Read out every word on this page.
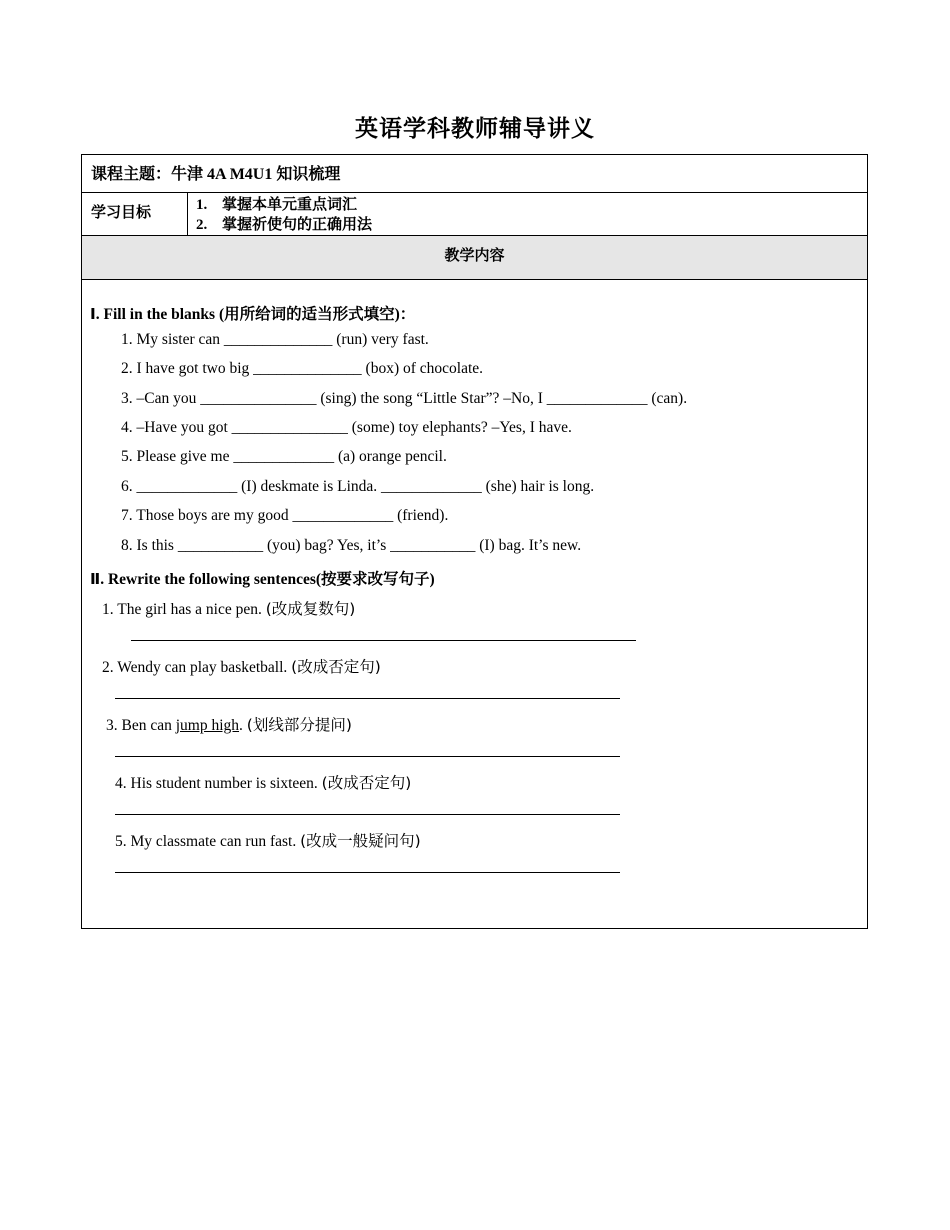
英语学科教师辅导讲义
课程主题：牛津 4A M4U1 知识梳理
学习目标	1. 掌握本单元重点词汇
2. 掌握祈使句的正确用法
教学内容
Ⅰ. Fill in the blanks (用所给词的适当形式填空)：
1. My sister can ______________ (run) very fast.
2. I have got two big ______________ (box) of chocolate.
3. –Can you _______________ (sing) the song “Little Star”? –No, I _____________ (can).
4. –Have you got _______________ (some) toy elephants? –Yes, I have.
5. Please give me _____________ (a) orange pencil.
6. _____________ (I) deskmate is Linda. _____________ (she) hair is long.
7. Those boys are my good _____________ (friend).
8. Is this ___________ (you) bag? Yes, it’s ___________ (I) bag. It’s new.
Ⅱ. Rewrite the following sentences(按要求改写句子)
1. The girl has a nice pen. (改成复数句)
2. Wendy can play basketball. (改成否定句)
3. Ben can jump high. (划线部分提问)
4. His student number is sixteen. (改成否定句)
5. My classmate can run fast. (改成一般疑问句)
